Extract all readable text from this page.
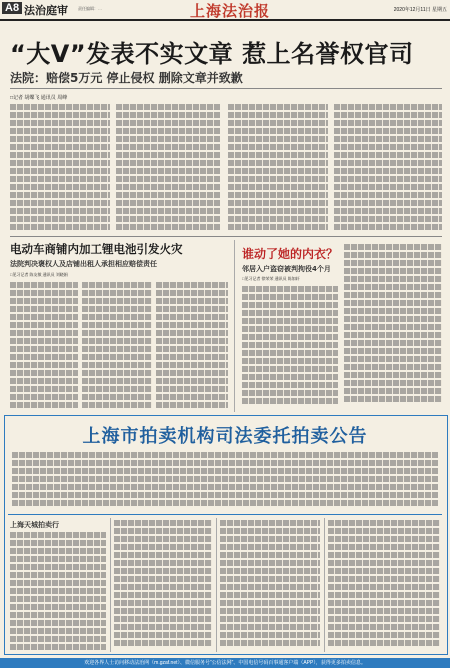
A8 法治庭审	责任编辑：…	上海法治报	2020年12月11日 星期五
“大V”发表不实文章 惹上名誉权官司
法院：赔偿5万元 停止侵权 删除文章并致歉
□记者 胡蝶飞 通讯员 周峰
电动车商铺内加工锂电池引发火灾
法院判决褒权人及店铺出租人承担相应赔偿责任
□见习记者 陈友敏 通讯员 刘晓娟
谁动了她的内衣？
邻居入户盗窃被判拘役4个月
□见习记者 徐荣荣 通讯员 陈如轩
上海市拍卖机构司法委托拍卖公告
上海天城拍卖行
欢迎各界人士访问移动法治网（m.gzaf.net）、微信服务号“公信法网”、中国电信号码百事通客户端（APP），获得更多拍卖信息。
